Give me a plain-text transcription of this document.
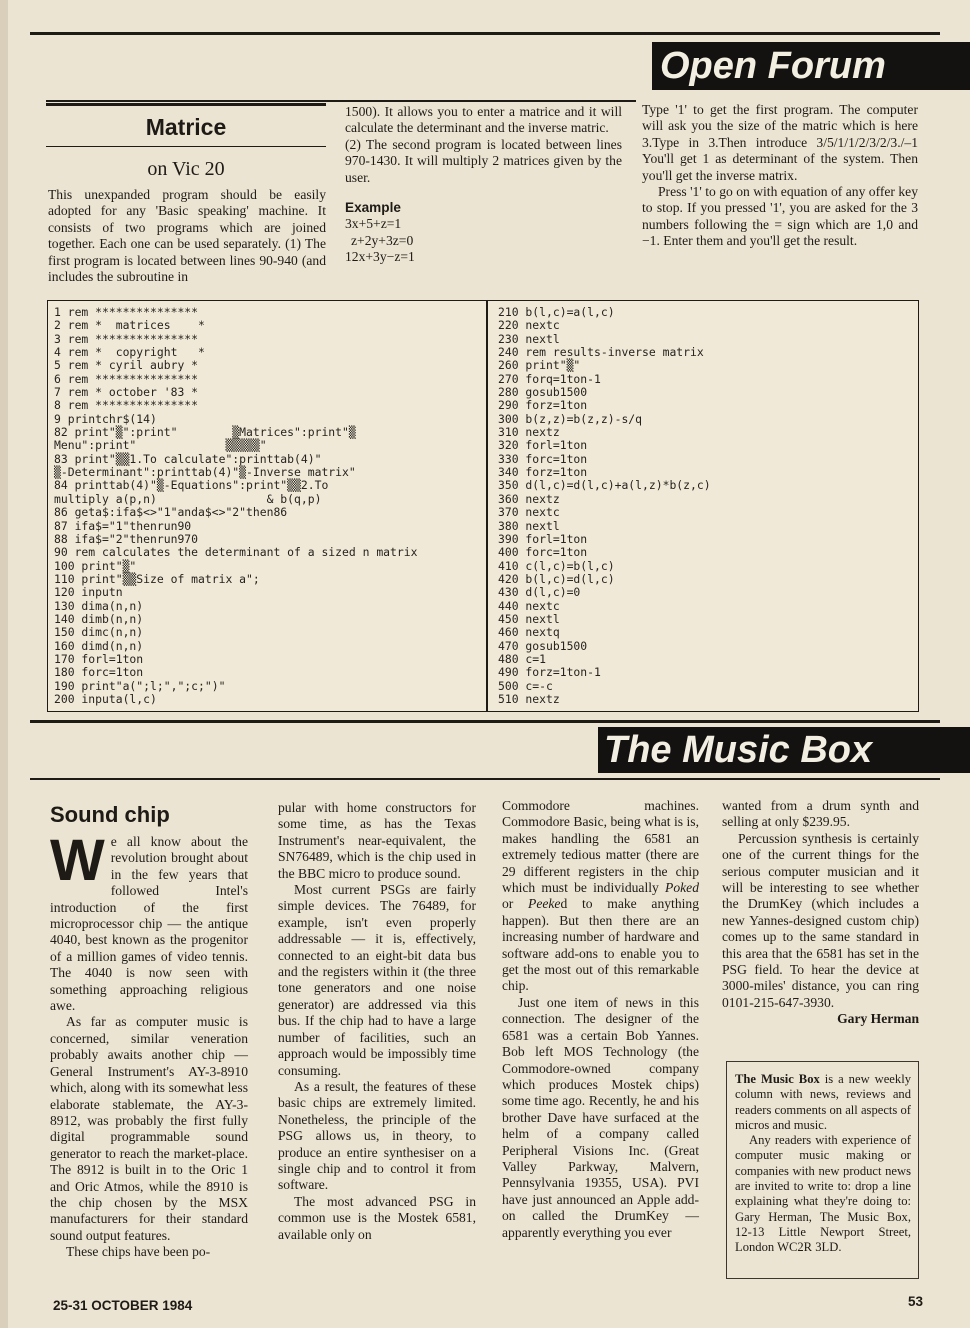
Open Forum
Matrice
on Vic 20

This unexpanded program should be easily adopted for any 'Basic speaking' machine. It consists of two programs which are joined together. Each one can be used separately. (1) The first program is located between lines 90-940 (and includes the subroutine in

1500). It allows you to enter a matrice and it will calculate the determinant and the inverse matric.

(2) The second program is located between lines 970-1430. It will multiply 2 matrices given by the user.

Example

3x+5+z=1

z+2y+3z=0

12x+3y−z=1

Type '1' to get the first program. The computer will ask you the size of the matric which is here 3.Type in 3.Then introduce 3/5/1/1/2/3/2/3./–1 You'll get 1 as determinant of the system. Then you'll get the inverse matrix.

Press '1' to go on with equation of any offer key to stop. If you pressed '1', you are asked for the 3 numbers following the = sign which are 1,0 and −1. Enter them and you'll get the result.

1 rem ***************
2 rem *  matrices    *
3 rem ***************
4 rem *  copyright   *
5 rem * cyril aubry *
6 rem ***************
7 rem * october '83 *
8 rem ***************
9 printchr$(14)
82 print"▒":print"        ▒Matrices":print"▒
Menu":print"             ▒▒▒▒▒"
83 print"▒▒1.To calculate":printtab(4)"
▒-Determinant":printtab(4)"▒-Inverse matrix"
84 printtab(4)"▒-Equations":print"▒▒2.To
multiply a(p,n)                & b(q,p)
86 geta$:ifa$<>"1"anda$<>"2"then86
87 ifa$="1"thenrun90
88 ifa$="2"thenrun970
90 rem calculates the determinant of a sized n matrix
100 print"▒"
110 print"▒▒Size of matrix a";
120 inputn
130 dima(n,n)
140 dimb(n,n)
150 dimc(n,n)
160 dimd(n,n)
170 forl=1ton
180 forc=1ton
190 print"a(";l;",";c;")"
200 inputa(l,c)
210 b(l,c)=a(l,c)
220 nextc
230 nextl
240 rem results-inverse matrix
260 print"▒"
270 forq=1ton-1
280 gosub1500
290 forz=1ton
300 b(z,z)=b(z,z)-s/q
310 nextz
320 forl=1ton
330 forc=1ton
340 forz=1ton
350 d(l,c)=d(l,c)+a(l,z)*b(z,c)
360 nextz
370 nextc
380 nextl
390 forl=1ton
400 forc=1ton
410 c(l,c)=b(l,c)
420 b(l,c)=d(l,c)
430 d(l,c)=0
440 nextc
450 nextl
460 nextq
470 gosub1500
480 c=1
490 forz=1ton-1
500 c=-c
510 nextz
The Music Box
Sound chip

We all know about the revolution brought about in the few years that followed Intel's introduction of the first microprocessor chip — the antique 4040, best known as the progenitor of a million games of video tennis. The 4040 is now seen with something approaching religious awe.

As far as computer music is concerned, similar veneration probably awaits another chip — General Instrument's AY-3-8910 which, along with its somewhat less elaborate stablemate, the AY-3-8912, was probably the first fully digital programmable sound generator to reach the market-place. The 8912 is built in to the Oric 1 and Oric Atmos, while the 8910 is the chip chosen by the MSX manufacturers for their standard sound output features.

These chips have been po-

pular with home constructors for some time, as has the Texas Instrument's near-equivalent, the SN76489, which is the chip used in the BBC micro to produce sound.

Most current PSGs are fairly simple devices. The 76489, for example, isn't even properly addressable — it is, effectively, connected to an eight-bit data bus and the registers within it (the three tone generators and one noise generator) are addressed via this bus. If the chip had to have a large number of facilities, such an approach would be impossibly time consuming.

As a result, the features of these basic chips are extremely limited. Nonetheless, the principle of the PSG allows us, in theory, to produce an entire synthesiser on a single chip and to control it from software.

The most advanced PSG in common use is the Mostek 6581, available only on

Commodore machines. Commodore Basic, being what is is, makes handling the 6581 an extremely tedious matter (there are 29 different registers in the chip which must be individually Poked or Peeked to make anything happen). But then there are an increasing number of hardware and software add-ons to enable you to get the most out of this remarkable chip.

Just one item of news in this connection. The designer of the 6581 was a certain Bob Yannes. Bob left MOS Technology (the Commodore-owned company which produces Mostek chips) some time ago. Recently, he and his brother Dave have surfaced at the helm of a company called Peripheral Visions Inc. (Great Valley Parkway, Malvern, Pennsylvania 19355, USA). PVI have just announced an Apple add-on called the DrumKey — apparently everything you ever

wanted from a drum synth and selling at only $239.95.

Percussion synthesis is certainly one of the current things for the serious computer musician and it will be interesting to see whether the DrumKey (which includes a new Yannes-designed custom chip) comes up to the same standard in this area that the 6581 has set in the PSG field. To hear the device at 3000-miles' distance, you can ring 0101-215-647-3930.

Gary Herman

The Music Box is a new weekly column with news, reviews and readers comments on all aspects of micros and music.

Any readers with experience of computer music making or companies with new product news are invited to write to: drop a line explaining what they're doing to: Gary Herman, The Music Box, 12-13 Little Newport Street, London WC2R 3LD.

25-31 OCTOBER 1984	53
